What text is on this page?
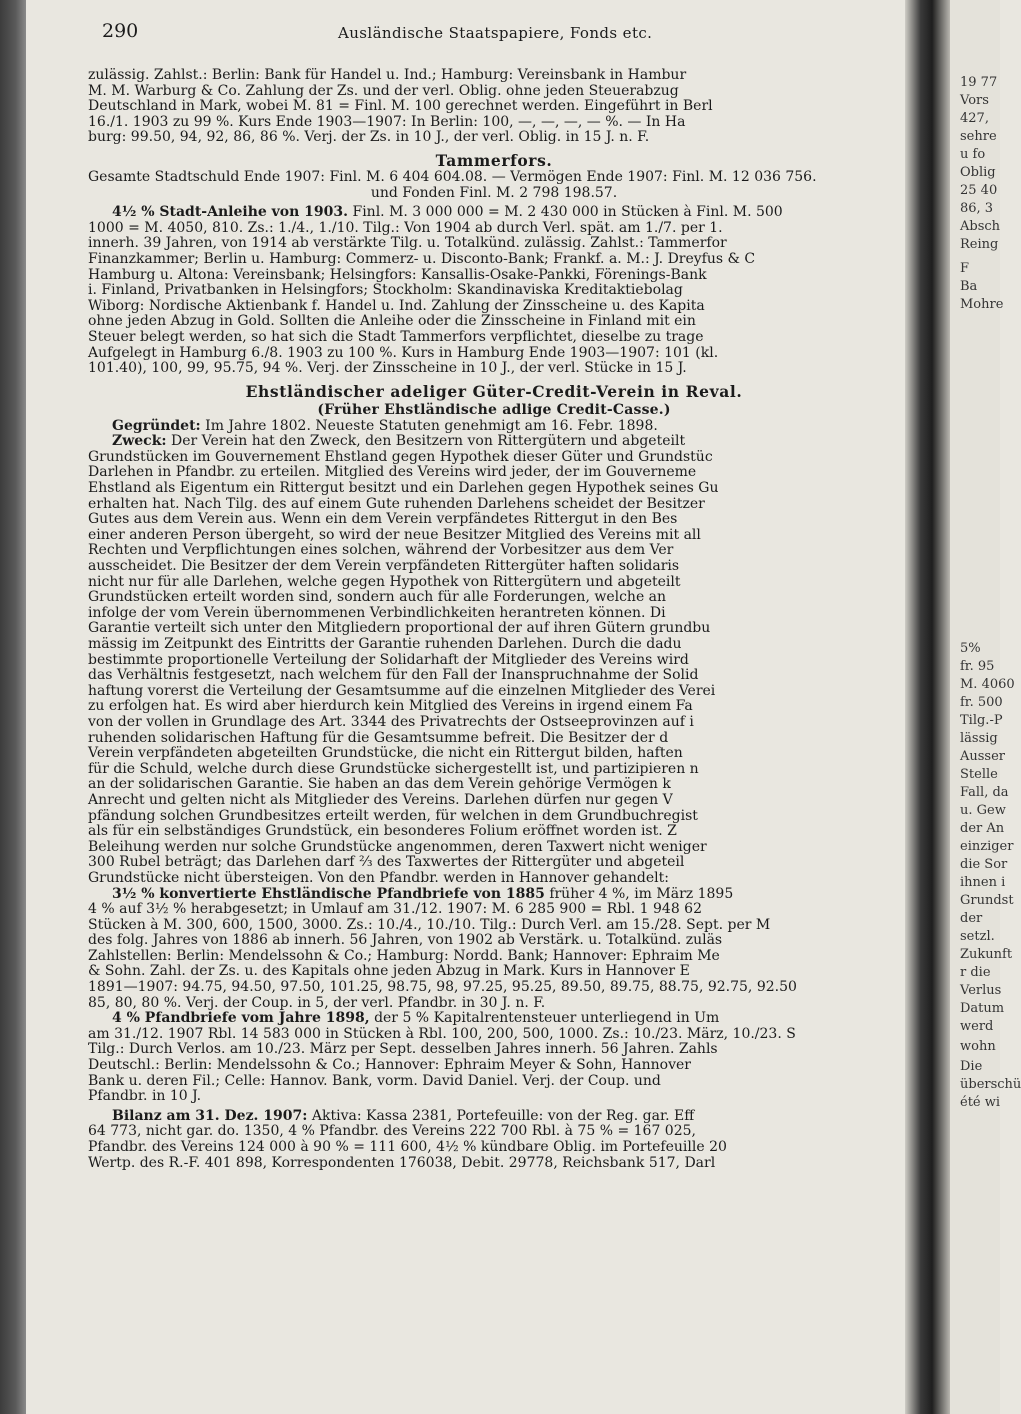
290	Ausländische Staatspapiere, Fonds etc.
zulässig. Zahlst.: Berlin: Bank für Handel u. Ind.; Hamburg: Vereinsbank in Hambur
M. M. Warburg & Co. Zahlung der Zs. und der verl. Oblig. ohne jeden Steuerabzug
Deutschland in Mark, wobei M. 81 = Finl. M. 100 gerechnet werden. Eingeführt in Berl
16./1. 1903 zu 99 %. Kurs Ende 1903—1907: In Berlin: 100, —, —, —, — %. — In Ha
burg: 99.50, 94, 92, 86, 86 %. Verj. der Zs. in 10 J., der verl. Oblig. in 15 J. n. F.
Tammerfors.
Gesamte Stadtschuld Ende 1907: Finl. M. 6 404 604.08. — Vermögen Ende 1907: Finl. M. 12 036 756.
und Fonden Finl. M. 2 798 198.57.
4½ % Stadt-Anleihe von 1903. Finl. M. 3 000 000 = M. 2 430 000 in Stücken à Finl. M. 500
1000 = M. 4050, 810. Zs.: 1./4., 1./10. Tilg.: Von 1904 ab durch Verl. spät. am 1./7. per 1.
innerh. 39 Jahren, von 1914 ab verstärkte Tilg. u. Totalkünd. zulässig. Zahlst.: Tammerfor
Finanzkammer; Berlin u. Hamburg: Commerz- u. Disconto-Bank; Frankf. a. M.: J. Dreyfus & C
Hamburg u. Altona: Vereinsbank; Helsingfors: Kansallis-Osake-Pankki, Förenings-Bank
i. Finland, Privatbanken in Helsingfors; Stockholm: Skandinaviska Kreditaktiebolag
Wiborg: Nordische Aktienbank f. Handel u. Ind. Zahlung der Zinsscheine u. des Kapita
ohne jeden Abzug in Gold. Sollten die Anleihe oder die Zinsscheine in Finland mit ein
Steuer belegt werden, so hat sich die Stadt Tammerfors verpflichtet, dieselbe zu trage
Aufgelegt in Hamburg 6./8. 1903 zu 100 %. Kurs in Hamburg Ende 1903—1907: 101 (kl.
101.40), 100, 99, 95.75, 94 %. Verj. der Zinsscheine in 10 J., der verl. Stücke in 15 J.
Ehstländischer adeliger Güter-Credit-Verein in Reval.
(Früher Ehstländische adlige Credit-Casse.)
Gegründet: Im Jahre 1802. Neueste Statuten genehmigt am 16. Febr. 1898.
Zweck: Der Verein hat den Zweck, den Besitzern von Rittergütern und abgeteilt
Grundstücken im Gouvernement Ehstland gegen Hypothek dieser Güter und Grundstüc
Darlehen in Pfandbr. zu erteilen. Mitglied des Vereins wird jeder, der im Gouverneme
Ehstland als Eigentum ein Rittergut besitzt und ein Darlehen gegen Hypothek seines Gu
erhalten hat. Nach Tilg. des auf einem Gute ruhenden Darlehens scheidet der Besitzer
Gutes aus dem Verein aus. Wenn ein dem Verein verpfändetes Rittergut in den Bes
einer anderen Person übergeht, so wird der neue Besitzer Mitglied des Vereins mit all
Rechten und Verpflichtungen eines solchen, während der Vorbesitzer aus dem Ver
ausscheidet. Die Besitzer der dem Verein verpfändeten Rittergüter haften solidaris
nicht nur für alle Darlehen, welche gegen Hypothek von Rittergütern und abgeteilt
Grundstücken erteilt worden sind, sondern auch für alle Forderungen, welche an
infolge der vom Verein übernommenen Verbindlichkeiten herantreten können. Di
Garantie verteilt sich unter den Mitgliedern proportional der auf ihren Gütern grundbu
mässig im Zeitpunkt des Eintritts der Garantie ruhenden Darlehen. Durch die dadu
bestimmte proportionelle Verteilung der Solidarhaft der Mitglieder des Vereins wird
das Verhältnis festgesetzt, nach welchem für den Fall der Inanspruchnahme der Solid
haftung vorerst die Verteilung der Gesamtsumme auf die einzelnen Mitglieder des Verei
zu erfolgen hat. Es wird aber hierdurch kein Mitglied des Vereins in irgend einem Fa
von der vollen in Grundlage des Art. 3344 des Privatrechts der Ostseeprovinzen auf i
ruhenden solidarischen Haftung für die Gesamtsumme befreit. Die Besitzer der d
Verein verpfändeten abgeteilten Grundstücke, die nicht ein Rittergut bilden, haften
für die Schuld, welche durch diese Grundstücke sichergestellt ist, und partizipieren n
an der solidarischen Garantie. Sie haben an das dem Verein gehörige Vermögen k
Anrecht und gelten nicht als Mitglieder des Vereins. Darlehen dürfen nur gegen V
pfändung solchen Grundbesitzes erteilt werden, für welchen in dem Grundbuchregist
als für ein selbständiges Grundstück, ein besonderes Folium eröffnet worden ist. Z
Beleihung werden nur solche Grundstücke angenommen, deren Taxwert nicht weniger
300 Rubel beträgt; das Darlehen darf ⅔ des Taxwertes der Rittergüter und abgeteil
Grundstücke nicht übersteigen. Von den Pfandbr. werden in Hannover gehandelt:
3½ % konvertierte Ehstländische Pfandbriefe von 1885 früher 4 %, im März 1895
4 % auf 3½ % herabgesetzt; in Umlauf am 31./12. 1907: M. 6 285 900 = Rbl. 1 948 62
Stücken à M. 300, 600, 1500, 3000. Zs.: 10./4., 10./10. Tilg.: Durch Verl. am 15./28. Sept. per M
des folg. Jahres von 1886 ab innerh. 56 Jahren, von 1902 ab Verstärk. u. Totalkünd. zuläs
Zahlstellen: Berlin: Mendelssohn & Co.; Hamburg: Nordd. Bank; Hannover: Ephraim Me
& Sohn. Zahl. der Zs. u. des Kapitals ohne jeden Abzug in Mark. Kurs in Hannover E
1891—1907: 94.75, 94.50, 97.50, 101.25, 98.75, 98, 97.25, 95.25, 89.50, 89.75, 88.75, 92.75, 92.50
85, 80, 80 %. Verj. der Coup. in 5, der verl. Pfandbr. in 30 J. n. F.
4 % Pfandbriefe vom Jahre 1898, der 5 % Kapitalrentensteuer unterliegend in Um
am 31./12. 1907 Rbl. 14 583 000 in Stücken à Rbl. 100, 200, 500, 1000. Zs.: 10./23. März, 10./23. S
Tilg.: Durch Verlos. am 10./23. März per Sept. desselben Jahres innerh. 56 Jahren. Zahls
Deutschl.: Berlin: Mendelssohn & Co.; Hannover: Ephraim Meyer & Sohn, Hannover
Bank u. deren Fil.; Celle: Hannov. Bank, vorm. David Daniel. Verj. der Coup. und
Pfandbr. in 10 J.
Bilanz am 31. Dez. 1907: Aktiva: Kassa 2381, Portefeuille: von der Reg. gar. Eff
64 773, nicht gar. do. 1350, 4 % Pfandbr. des Vereins 222 700 Rbl. à 75 % = 167 025,
Pfandbr. des Vereins 124 000 à 90 % = 111 600, 4½ % kündbare Oblig. im Portefeuille 20
Wertp. des R.-F. 401 898, Korrespondenten 176038, Debit. 29778, Reichsbank 517, Darl
19 77
Vors
427,
sehre
u fo
Oblig
25 40
86, 3
Absch
Reing
F
Ba
Mohre
5%
fr. 95
M. 4060
fr. 500
Tilg.-P
lässig
Ausser
Stelle
Fall, da
u. Gew
der An
einziger
die Sor
ihnen i
Grundst
der
setzl.
Zukunft
r die
Verlus
Datum
werd
wohn
Die
überschü
été wi
